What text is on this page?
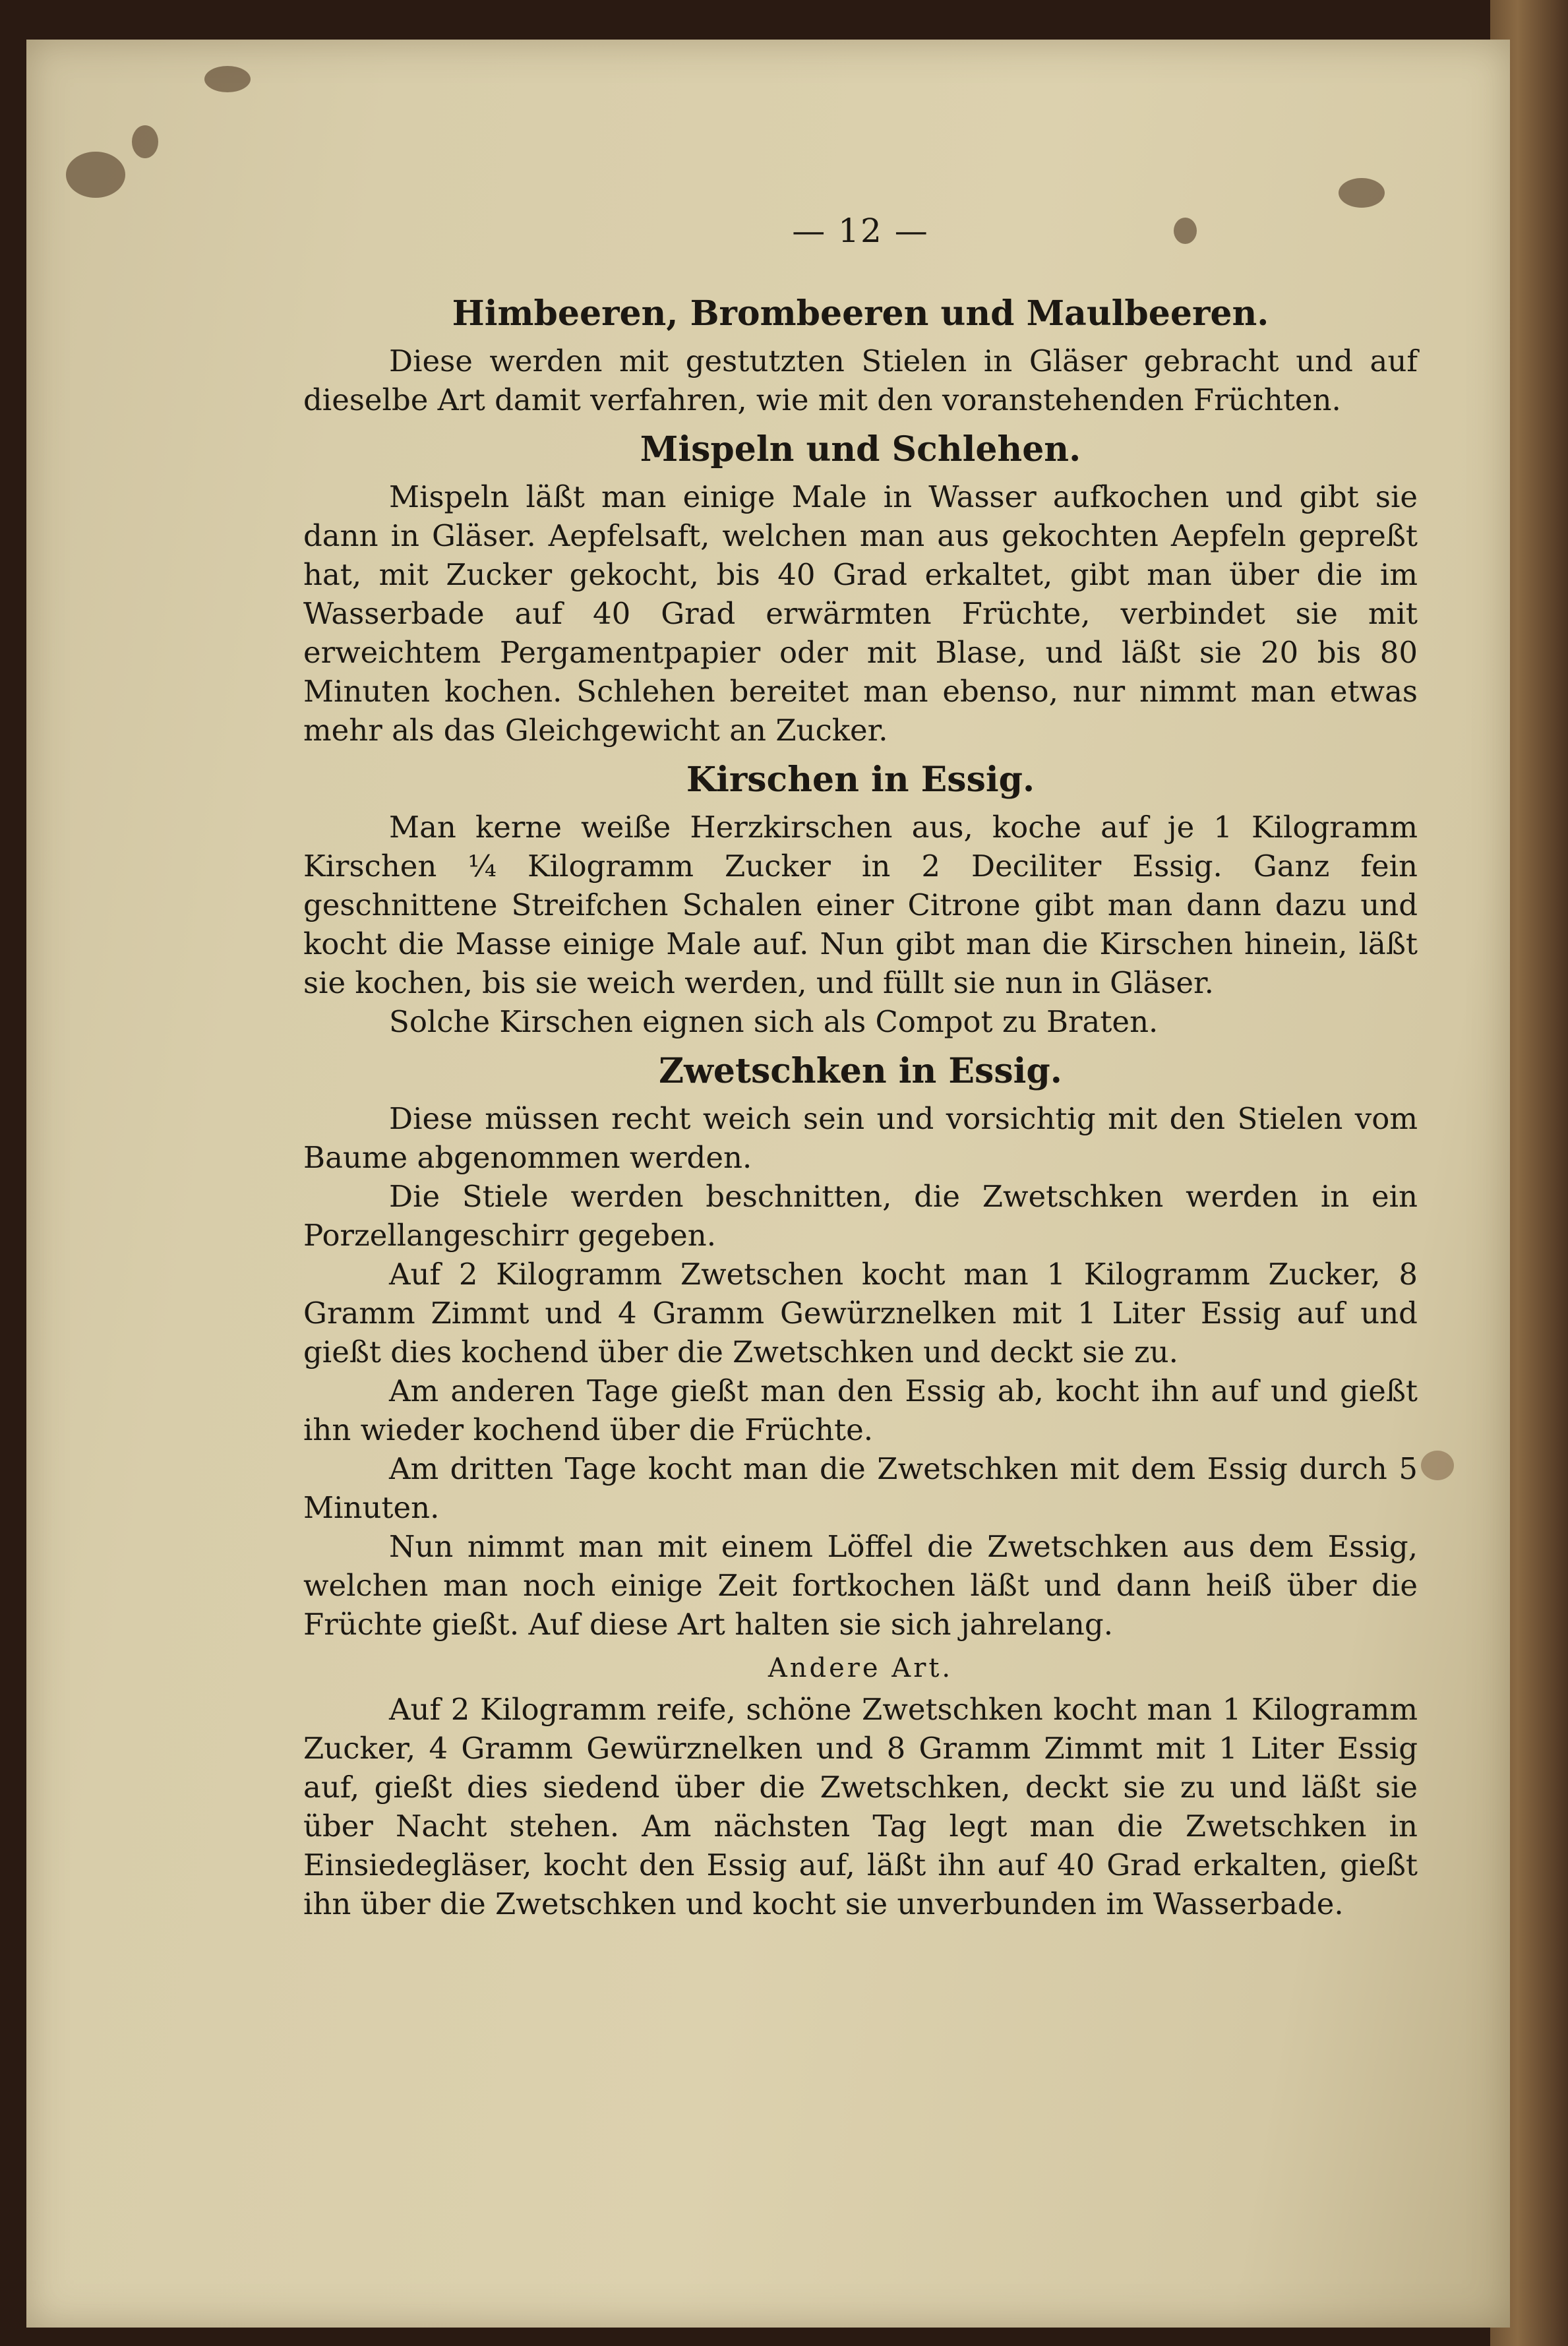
— 12 —
Himbeeren, Brombeeren und Maulbeeren.

Diese werden mit gestutzten Stielen in Gläser gebracht und auf dieselbe Art damit verfahren, wie mit den voranstehenden Früchten.

Mispeln und Schlehen.

Mispeln läßt man einige Male in Wasser aufkochen und gibt sie dann in Gläser. Aepfelsaft, welchen man aus gekochten Aepfeln gepreßt hat, mit Zucker gekocht, bis 40 Grad erkaltet, gibt man über die im Wasserbade auf 40 Grad erwärmten Früchte, verbindet sie mit erweichtem Pergamentpapier oder mit Blase, und läßt sie 20 bis 80 Minuten kochen. Schlehen bereitet man ebenso, nur nimmt man etwas mehr als das Gleichgewicht an Zucker.

Kirschen in Essig.

Man kerne weiße Herzkirschen aus, koche auf je 1 Kilogramm Kirschen ¼ Kilogramm Zucker in 2 Deciliter Essig. Ganz fein geschnittene Streifchen Schalen einer Citrone gibt man dann dazu und kocht die Masse einige Male auf. Nun gibt man die Kirschen hinein, läßt sie kochen, bis sie weich werden, und füllt sie nun in Gläser.

Solche Kirschen eignen sich als Compot zu Braten.

Zwetschken in Essig.

Diese müssen recht weich sein und vorsichtig mit den Stielen vom Baume abgenommen werden.

Die Stiele werden beschnitten, die Zwetschken werden in ein Porzellangeschirr gegeben.

Auf 2 Kilogramm Zwetschen kocht man 1 Kilogramm Zucker, 8 Gramm Zimmt und 4 Gramm Gewürznelken mit 1 Liter Essig auf und gießt dies kochend über die Zwetschken und deckt sie zu.

Am anderen Tage gießt man den Essig ab, kocht ihn auf und gießt ihn wieder kochend über die Früchte.

Am dritten Tage kocht man die Zwetschken mit dem Essig durch 5 Minuten.

Nun nimmt man mit einem Löffel die Zwetschken aus dem Essig, welchen man noch einige Zeit fortkochen läßt und dann heiß über die Früchte gießt. Auf diese Art halten sie sich jahrelang.

Andere Art.

Auf 2 Kilogramm reife, schöne Zwetschken kocht man 1 Kilogramm Zucker, 4 Gramm Gewürznelken und 8 Gramm Zimmt mit 1 Liter Essig auf, gießt dies siedend über die Zwetschken, deckt sie zu und läßt sie über Nacht stehen. Am nächsten Tag legt man die Zwetschken in Einsiedegläser, kocht den Essig auf, läßt ihn auf 40 Grad erkalten, gießt ihn über die Zwetschken und kocht sie unverbunden im Wasserbade.
